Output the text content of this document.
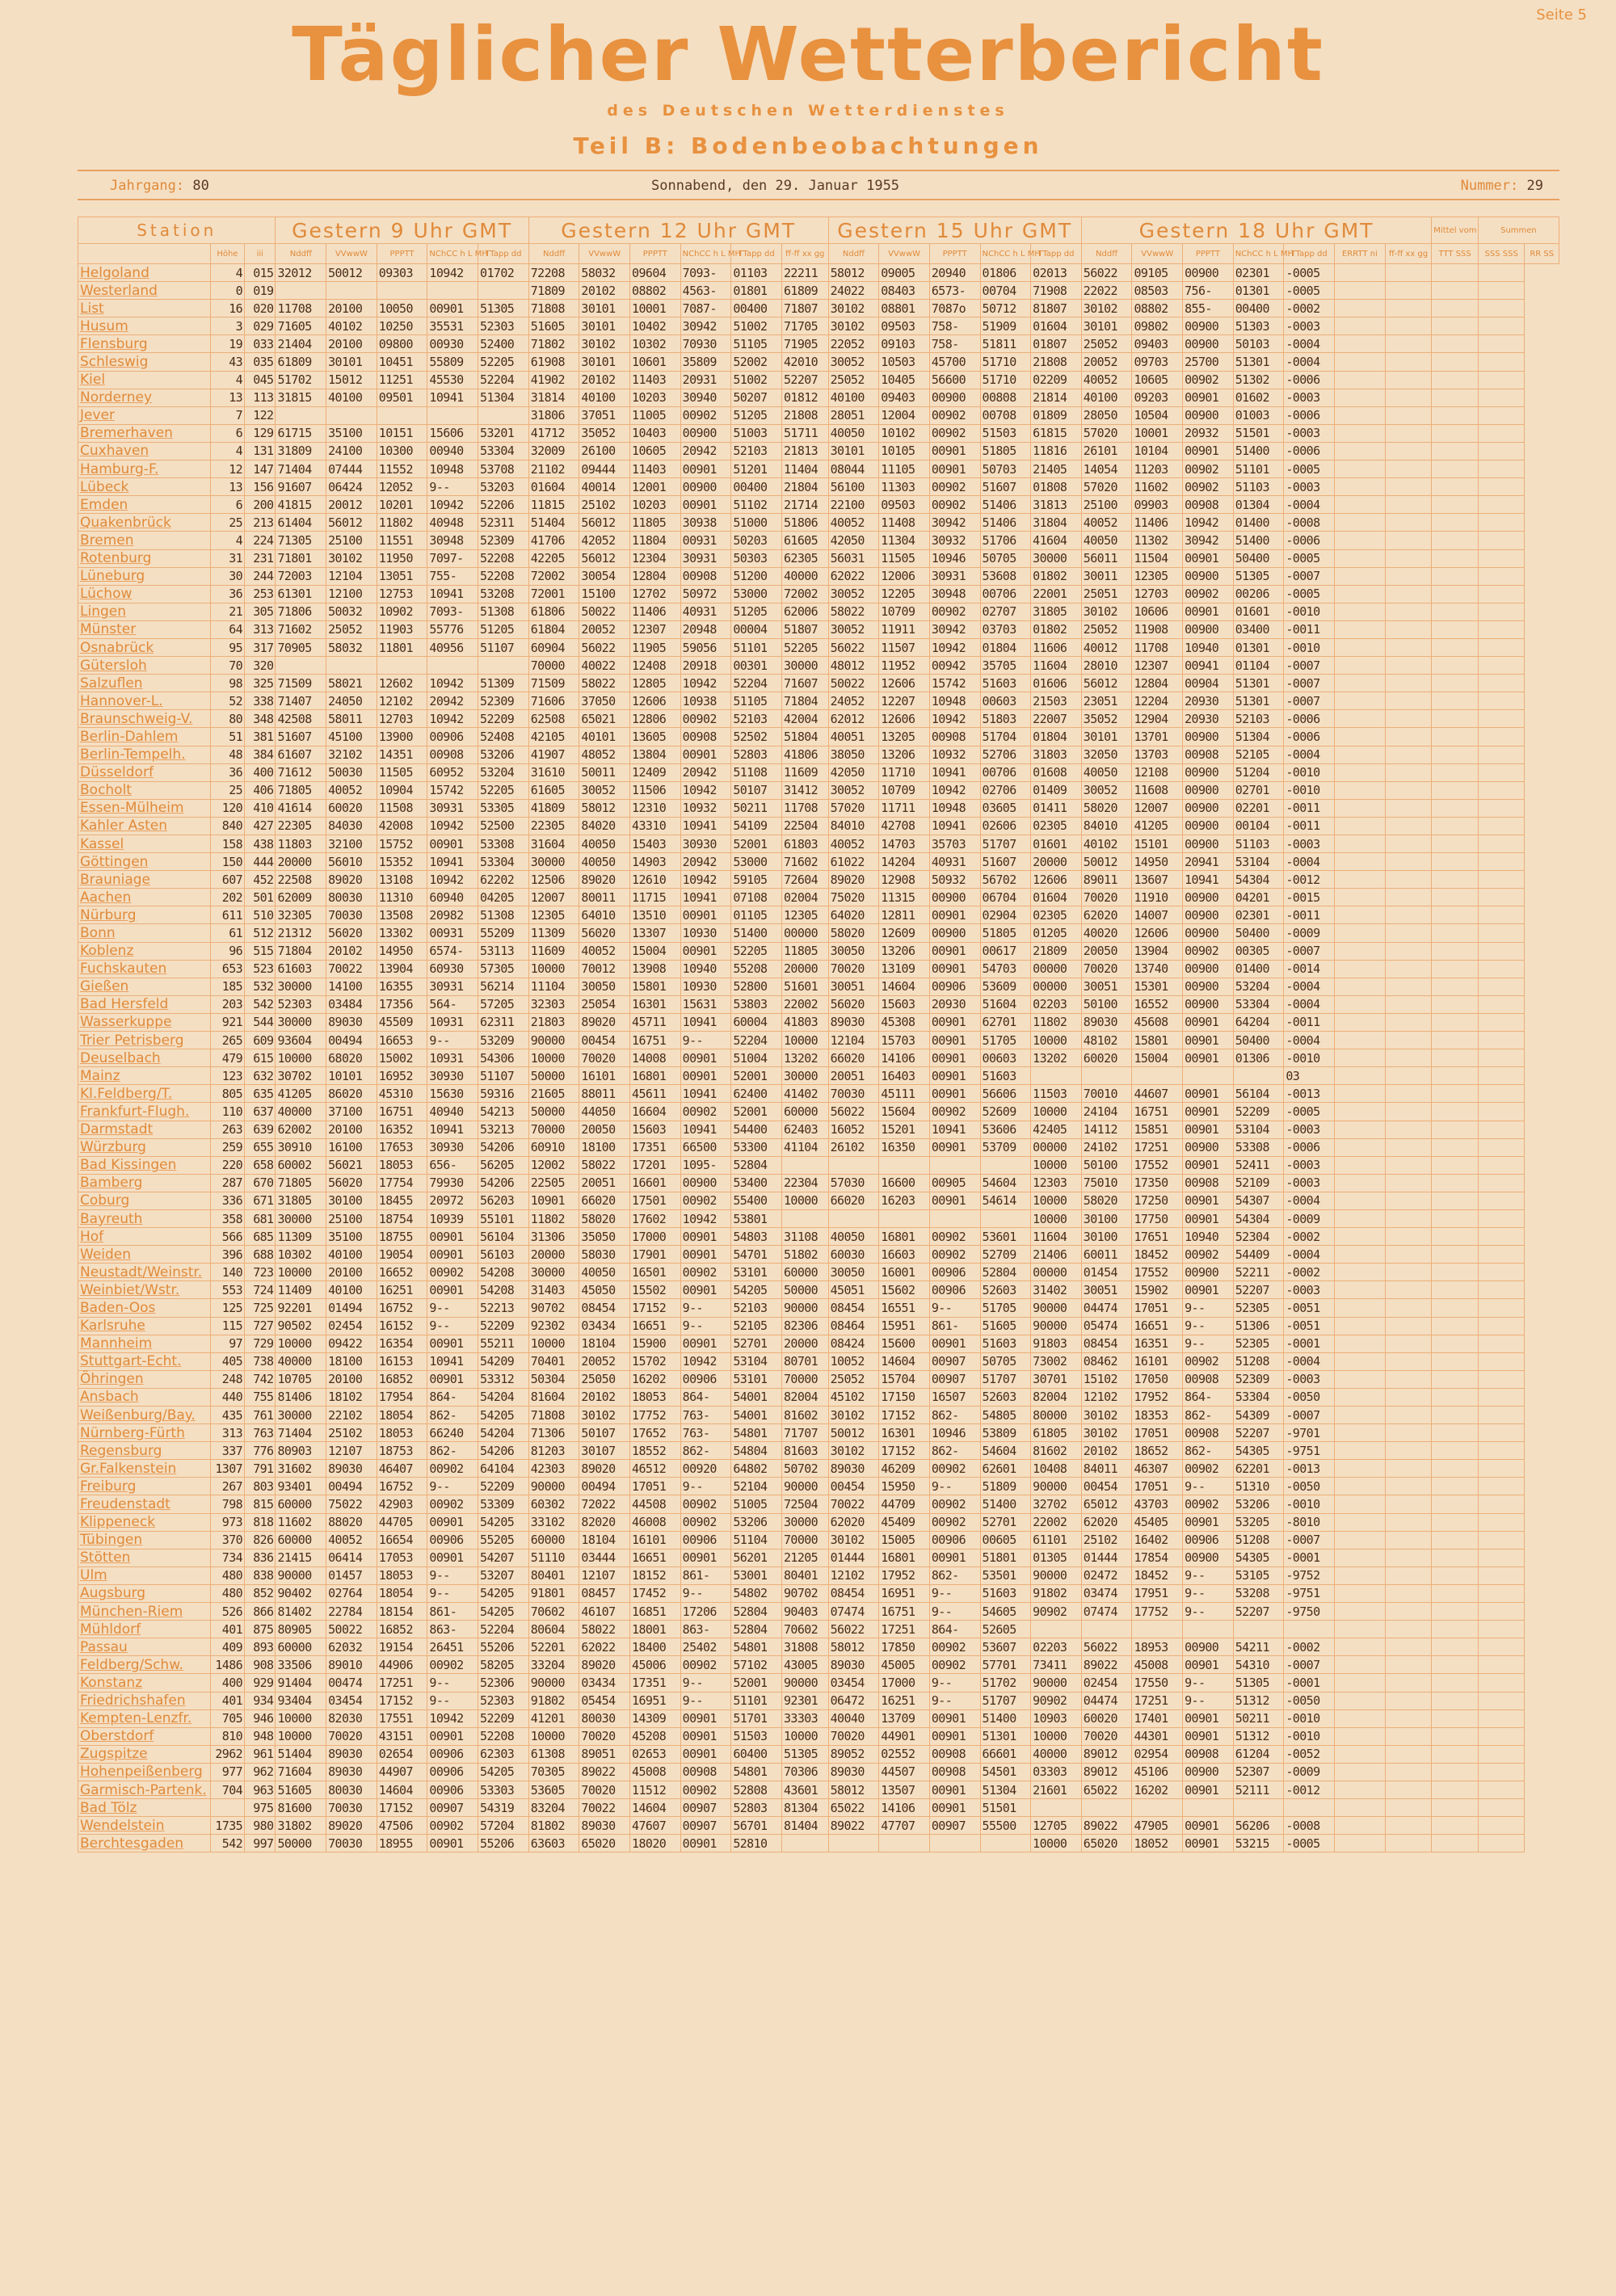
Seite 5
Täglicher Wetterbericht
des Deutschen Wetterdienstes
Teil B: Bodenbeobachtungen
Jahrgang: 80	Sonnabend, den 29. Januar 1955	Nummer: 29
Station			Gestern 9 Uhr GMT					Gestern 12 Uhr GMT						Gestern 15 Uhr GMT					Gestern 18 Uhr GMT							Mittel vom	Summen	
	Höhe	iii	Nddff	VVwwW	PPPTT	NChCC h L MH	TTapp dd	Nddff	VVwwW	PPPTT	NChCC h L MH	TTapp dd	ff-ff xx gg	Nddff	VVwwW	PPPTT	NChCC h L MH	TTapp dd	Nddff	VVwwW	PPPTT	NChCC h L MH	TTapp dd	ERRTT ni	ff-ff xx gg	TTT SSS	SSS SSS	RR SS
Helgoland	4	015	32012	50012	09303	10942	01702	72208	58032	09604	7093-	01103	22211	58012	09005	20940	01806	02013	56022	09105	00900	02301	-0005					
Westerland	0	019						71809	20102	08802	4563-	01801	61809	24022	08403	6573-	00704	71908	22022	08503	756-	01301	-0005					
List	16	020	11708	20100	10050	00901	51305	71808	30101	10001	7087-	00400	71807	30102	08801	7087o	50712	81807	30102	08802	855-	00400	-0002					
Husum	3	029	71605	40102	10250	35531	52303	51605	30101	10402	30942	51002	71705	30102	09503	758-	51909	01604	30101	09802	00900	51303	-0003					
Flensburg	19	033	21404	20100	09800	00930	52400	71802	30102	10302	70930	51105	71905	22052	09103	758-	51811	01807	25052	09403	00900	50103	-0004					
Schleswig	43	035	61809	30101	10451	55809	52205	61908	30101	10601	35809	52002	42010	30052	10503	45700	51710	21808	20052	09703	25700	51301	-0004					
Kiel	4	045	51702	15012	11251	45530	52204	41902	20102	11403	20931	51002	52207	25052	10405	56600	51710	02209	40052	10605	00902	51302	-0006					
Norderney	13	113	31815	40100	09501	10941	51304	31814	40100	10203	30940	50207	01812	40100	09403	00900	00808	21814	40100	09203	00901	01602	-0003					
Jever	7	122						31806	37051	11005	00902	51205	21808	28051	12004	00902	00708	01809	28050	10504	00900	01003	-0006					
Bremerhaven	6	129	61715	35100	10151	15606	53201	41712	35052	10403	00900	51003	51711	40050	10102	00902	51503	61815	57020	10001	20932	51501	-0003					
Cuxhaven	4	131	31809	24100	10300	00940	53304	32009	26100	10605	20942	52103	21813	30101	10105	00901	51805	11816	26101	10104	00901	51400	-0006					
Hamburg-F.	12	147	71404	07444	11552	10948	53708	21102	09444	11403	00901	51201	11404	08044	11105	00901	50703	21405	14054	11203	00902	51101	-0005					
Lübeck	13	156	91607	06424	12052	9--	53203	01604	40014	12001	00900	00400	21804	56100	11303	00902	51607	01808	57020	11602	00902	51103	-0003					
Emden	6	200	41815	20012	10201	10942	52206	11815	25102	10203	00901	51102	21714	22100	09503	00902	51406	31813	25100	09903	00908	01304	-0004					
Quakenbrück	25	213	61404	56012	11802	40948	52311	51404	56012	11805	30938	51000	51806	40052	11408	30942	51406	31804	40052	11406	10942	01400	-0008					
Bremen	4	224	71305	25100	11551	30948	52309	41706	42052	11804	00931	50203	61605	42050	11304	30932	51706	41604	40050	11302	30942	51400	-0006					
Rotenburg	31	231	71801	30102	11950	7097-	52208	42205	56012	12304	30931	50303	62305	56031	11505	10946	50705	30000	56011	11504	00901	50400	-0005					
Lüneburg	30	244	72003	12104	13051	755-	52208	72002	30054	12804	00908	51200	40000	62022	12006	30931	53608	01802	30011	12305	00900	51305	-0007					
Lüchow	36	253	61301	12100	12753	10941	53208	72001	15100	12702	50972	53000	72002	30052	12205	30948	00706	22001	25051	12703	00902	00206	-0005					
Lingen	21	305	71806	50032	10902	7093-	51308	61806	50022	11406	40931	51205	62006	58022	10709	00902	02707	31805	30102	10606	00901	01601	-0010					
Münster	64	313	71602	25052	11903	55776	51205	61804	20052	12307	20948	00004	51807	30052	11911	30942	03703	01802	25052	11908	00900	03400	-0011					
Osnabrück	95	317	70905	58032	11801	40956	51107	60904	56022	11905	59056	51101	52205	56022	11507	10942	01804	11606	40012	11708	10940	01301	-0010					
Gütersloh	70	320						70000	40022	12408	20918	00301	30000	48012	11952	00942	35705	11604	28010	12307	00941	01104	-0007					
Salzuflen	98	325	71509	58021	12602	10942	51309	71509	58022	12805	10942	52204	71607	50022	12606	15742	51603	01606	56012	12804	00904	51301	-0007					
Hannover-L.	52	338	71407	24050	12102	20942	52309	71606	37050	12606	10938	51105	71804	24052	12207	10948	00603	21503	23051	12204	20930	51301	-0007					
Braunschweig-V.	80	348	42508	58011	12703	10942	52209	62508	65021	12806	00902	52103	42004	62012	12606	10942	51803	22007	35052	12904	20930	52103	-0006					
Berlin-Dahlem	51	381	51607	45100	13900	00906	52408	42105	40101	13605	00908	52502	51804	40051	13205	00908	51704	01804	30101	13701	00900	51304	-0006					
Berlin-Tempelh.	48	384	61607	32102	14351	00908	53206	41907	48052	13804	00901	52803	41806	38050	13206	10932	52706	31803	32050	13703	00908	52105	-0004					
Düsseldorf	36	400	71612	50030	11505	60952	53204	31610	50011	12409	20942	51108	11609	42050	11710	10941	00706	01608	40050	12108	00900	51204	-0010					
Bocholt	25	406	71805	40052	10904	15742	52205	61605	30052	11506	10942	50107	31412	30052	10709	10942	02706	01409	30052	11608	00900	02701	-0010					
Essen-Mülheim	120	410	41614	60020	11508	30931	53305	41809	58012	12310	10932	50211	11708	57020	11711	10948	03605	01411	58020	12007	00900	02201	-0011					
Kahler Asten	840	427	22305	84030	42008	10942	52500	22305	84020	43310	10941	54109	22504	84010	42708	10941	02606	02305	84010	41205	00900	00104	-0011					
Kassel	158	438	11803	32100	15752	00901	53308	31604	40050	15403	30930	52001	61803	40052	14703	35703	51707	01601	40102	15101	00900	51103	-0003					
Göttingen	150	444	20000	56010	15352	10941	53304	30000	40050	14903	20942	53000	71602	61022	14204	40931	51607	20000	50012	14950	20941	53104	-0004					
Brauniage	607	452	22508	89020	13108	10942	62202	12506	89020	12610	10942	59105	72604	89020	12908	50932	56702	12606	89011	13607	10941	54304	-0012					
Aachen	202	501	62009	80030	11310	60940	04205	12007	80011	11715	10941	07108	02004	75020	11315	00900	06704	01604	70020	11910	00900	04201	-0015					
Nürburg	611	510	32305	70030	13508	20982	51308	12305	64010	13510	00901	01105	12305	64020	12811	00901	02904	02305	62020	14007	00900	02301	-0011					
Bonn	61	512	21312	56020	13302	00931	55209	11309	56020	13307	10930	51400	00000	58020	12609	00900	51805	01205	40020	12606	00900	50400	-0009					
Koblenz	96	515	71804	20102	14950	6574-	53113	11609	40052	15004	00901	52205	11805	30050	13206	00901	00617	21809	20050	13904	00902	00305	-0007					
Fuchskauten	653	523	61603	70022	13904	60930	57305	10000	70012	13908	10940	55208	20000	70020	13109	00901	54703	00000	70020	13740	00900	01400	-0014					
Gießen	185	532	30000	14100	16355	30931	56214	11104	30050	15801	10930	52800	51601	30051	14604	00906	53609	00000	30051	15301	00900	53204	-0004					
Bad Hersfeld	203	542	52303	03484	17356	564-	57205	32303	25054	16301	15631	53803	22002	56020	15603	20930	51604	02203	50100	16552	00900	53304	-0004					
Wasserkuppe	921	544	30000	89030	45509	10931	62311	21803	89020	45711	10941	60004	41803	89030	45308	00901	62701	11802	89030	45608	00901	64204	-0011					
Trier Petrisberg	265	609	93604	00494	16653	9--	53209	90000	00454	16751	9--	52204	10000	12104	15703	00901	51705	10000	48102	15801	00901	50400	-0004					
Deuselbach	479	615	10000	68020	15002	10931	54306	10000	70020	14008	00901	51004	13202	66020	14106	00901	00603	13202	60020	15004	00901	01306	-0010					
Mainz	123	632	30702	10101	16952	30930	51107	50000	16101	16801	00901	52001	30000	20051	16403	00901	51603						03					
Kl.Feldberg/T.	805	635	41205	86020	45310	15630	59316	21605	88011	45611	10941	62400	41402	70030	45111	00901	56606	11503	70010	44607	00901	56104	-0013					
Frankfurt-Flugh.	110	637	40000	37100	16751	40940	54213	50000	44050	16604	00902	52001	60000	56022	15604	00902	52609	10000	24104	16751	00901	52209	-0005					
Darmstadt	263	639	62002	20100	16352	10941	53213	70000	20050	15603	10941	54400	62403	16052	15201	10941	53606	42405	14112	15851	00901	53104	-0003					
Würzburg	259	655	30910	16100	17653	30930	54206	60910	18100	17351	66500	53300	41104	26102	16350	00901	53709	00000	24102	17251	00900	53308	-0006					
Bad Kissingen	220	658	60002	56021	18053	656-	56205	12002	58022	17201	1095-	52804						10000	50100	17552	00901	52411	-0003					
Bamberg	287	670	71805	56020	17754	79930	54206	22505	20051	16601	00900	53400	22304	57030	16600	00905	54604	12303	75010	17350	00908	52109	-0003					
Coburg	336	671	31805	30100	18455	20972	56203	10901	66020	17501	00902	55400	10000	66020	16203	00901	54614	10000	58020	17250	00901	54307	-0004					
Bayreuth	358	681	30000	25100	18754	10939	55101	11802	58020	17602	10942	53801						10000	30100	17750	00901	54304	-0009					
Hof	566	685	11309	35100	18755	00901	56104	31306	35050	17000	00901	54803	31108	40050	16801	00902	53601	11604	30100	17651	10940	52304	-0002					
Weiden	396	688	10302	40100	19054	00901	56103	20000	58030	17901	00901	54701	51802	60030	16603	00902	52709	21406	60011	18452	00902	54409	-0004					
Neustadt/Weinstr.	140	723	10000	20100	16652	00902	54208	30000	40050	16501	00902	53101	60000	30050	16001	00906	52804	00000	01454	17552	00900	52211	-0002					
Weinbiet/Wstr.	553	724	11409	40100	16251	00901	54208	31403	45050	15502	00901	54205	50000	45051	15602	00906	52603	31402	30051	15902	00901	52207	-0003					
Baden-Oos	125	725	92201	01494	16752	9--	52213	90702	08454	17152	9--	52103	90000	08454	16551	9--	51705	90000	04474	17051	9--	52305	-0051					
Karlsruhe	115	727	90502	02454	16152	9--	52209	92302	03434	16651	9--	52105	82306	08464	15951	861-	51605	90000	05474	16651	9--	51306	-0051					
Mannheim	97	729	10000	09422	16354	00901	55211	10000	18104	15900	00901	52701	20000	08424	15600	00901	51603	91803	08454	16351	9--	52305	-0001					
Stuttgart-Echt.	405	738	40000	18100	16153	10941	54209	70401	20052	15702	10942	53104	80701	10052	14604	00907	50705	73002	08462	16101	00902	51208	-0004					
Öhringen	248	742	10705	20100	16852	00901	53312	50304	25050	16202	00906	53101	70000	25052	15704	00907	51707	30701	15102	17050	00908	52309	-0003					
Ansbach	440	755	81406	18102	17954	864-	54204	81604	20102	18053	864-	54001	82004	45102	17150	16507	52603	82004	12102	17952	864-	53304	-0050					
Weißenburg/Bay.	435	761	30000	22102	18054	862-	54205	71808	30102	17752	763-	54001	81602	30102	17152	862-	54805	80000	30102	18353	862-	54309	-0007					
Nürnberg-Fürth	313	763	71404	25102	18053	66240	54204	71306	50107	17652	763-	54801	71707	50012	16301	10946	53809	61805	30102	17051	00908	52207	-9701					
Regensburg	337	776	80903	12107	18753	862-	54206	81203	30107	18552	862-	54804	81603	30102	17152	862-	54604	81602	20102	18652	862-	54305	-9751					
Gr.Falkenstein	1307	791	31602	89030	46407	00902	64104	42303	89020	46512	00920	64802	50702	89030	46209	00902	62601	10408	84011	46307	00902	62201	-0013					
Freiburg	267	803	93401	00494	16752	9--	52209	90000	00494	17051	9--	52104	90000	00454	15950	9--	51809	90000	00454	17051	9--	51310	-0050					
Freudenstadt	798	815	60000	75022	42903	00902	53309	60302	72022	44508	00902	51005	72504	70022	44709	00902	51400	32702	65012	43703	00902	53206	-0010					
Klippeneck	973	818	11602	88020	44705	00901	54205	33102	82020	46008	00902	53206	30000	62020	45409	00902	52701	22002	62020	45405	00901	53205	-8010					
Tübingen	370	826	60000	40052	16654	00906	55205	60000	18104	16101	00906	51104	70000	30102	15005	00906	00605	61101	25102	16402	00906	51208	-0007					
Stötten	734	836	21415	06414	17053	00901	54207	51110	03444	16651	00901	56201	21205	01444	16801	00901	51801	01305	01444	17854	00900	54305	-0001					
Ulm	480	838	90000	01457	18053	9--	53207	80401	12107	18152	861-	53001	80401	12102	17952	862-	53501	90000	02472	18452	9--	53105	-9752					
Augsburg	480	852	90402	02764	18054	9--	54205	91801	08457	17452	9--	54802	90702	08454	16951	9--	51603	91802	03474	17951	9--	53208	-9751					
München-Riem	526	866	81402	22784	18154	861-	54205	70602	46107	16851	17206	52804	90403	07474	16751	9--	54605	90902	07474	17752	9--	52207	-9750					
Mühldorf	401	875	80905	50022	16852	863-	52204	80604	58022	18001	863-	52804	70602	56022	17251	864-	52605											
Passau	409	893	60000	62032	19154	26451	55206	52201	62022	18400	25402	54801	31808	58012	17850	00902	53607	02203	56022	18953	00900	54211	-0002					
Feldberg/Schw.	1486	908	33506	89010	44906	00902	58205	33204	89020	45006	00902	57102	43005	89030	45005	00902	57701	73411	89022	45008	00901	54310	-0007					
Konstanz	400	929	91404	00474	17251	9--	52306	90000	03434	17351	9--	52001	90000	03454	17000	9--	51702	90000	02454	17550	9--	51305	-0001					
Friedrichshafen	401	934	93404	03454	17152	9--	52303	91802	05454	16951	9--	51101	92301	06472	16251	9--	51707	90902	04474	17251	9--	51312	-0050					
Kempten-Lenzfr.	705	946	10000	82030	17551	10942	52209	41201	80030	14309	00901	51701	33303	40040	13709	00901	51400	10903	60020	17401	00901	50211	-0010					
Oberstdorf	810	948	10000	70020	43151	00901	52208	10000	70020	45208	00901	51503	10000	70020	44901	00901	51301	10000	70020	44301	00901	51312	-0010					
Zugspitze	2962	961	51404	89030	02654	00906	62303	61308	89051	02653	00901	60400	51305	89052	02552	00908	66601	40000	89012	02954	00908	61204	-0052					
Hohenpeißenberg	977	962	71604	89030	44907	00906	54205	70305	89022	45008	00908	54801	70306	89030	44507	00908	54501	03303	89012	45106	00900	52307	-0009					
Garmisch-Partenk.	704	963	51605	80030	14604	00906	53303	53605	70020	11512	00902	52808	43601	58012	13507	00901	51304	21601	65022	16202	00901	52111	-0012					
Bad Tölz		975	81600	70030	17152	00907	54319	83204	70022	14604	00907	52803	81304	65022	14106	00901	51501											
Wendelstein	1735	980	31802	89020	47506	00902	57204	81802	89030	47607	00907	56701	81404	89022	47707	00907	55500	12705	89022	47905	00901	56206	-0008					
Berchtesgaden	542	997	50000	70030	18955	00901	55206	63603	65020	18020	00901	52810						10000	65020	18052	00901	53215	-0005					
